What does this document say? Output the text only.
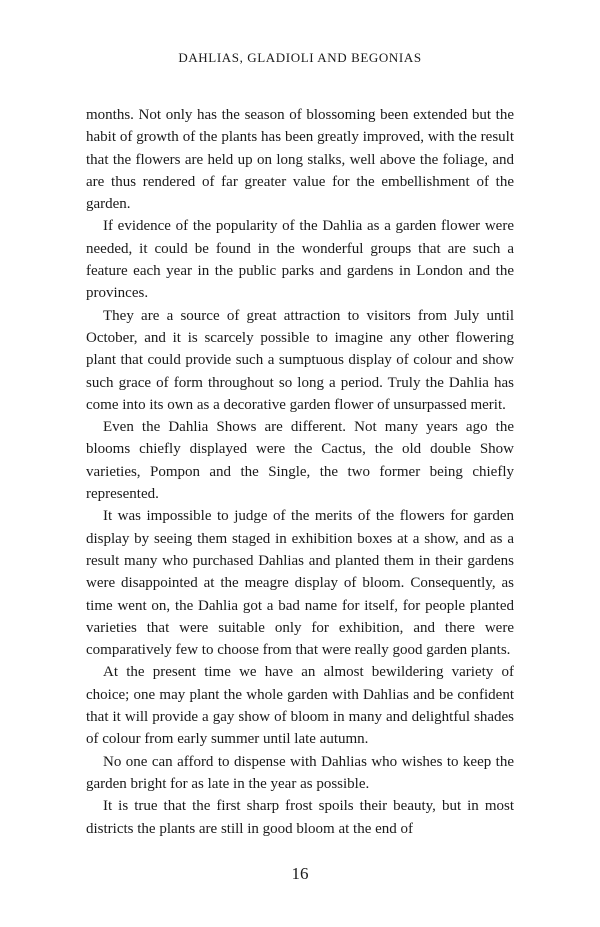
DAHLIAS, GLADIOLI AND BEGONIAS

months. Not only has the season of blossoming been extended but the habit of growth of the plants has been greatly improved, with the result that the flowers are held up on long stalks, well above the foliage, and are thus rendered of far greater value for the embellishment of the garden.

If evidence of the popularity of the Dahlia as a garden flower were needed, it could be found in the wonderful groups that are such a feature each year in the public parks and gardens in London and the provinces.

They are a source of great attraction to visitors from July until October, and it is scarcely possible to imagine any other flowering plant that could provide such a sumptuous display of colour and show such grace of form throughout so long a period. Truly the Dahlia has come into its own as a decorative garden flower of unsurpassed merit.

Even the Dahlia Shows are different. Not many years ago the blooms chiefly displayed were the Cactus, the old double Show varieties, Pompon and the Single, the two former being chiefly represented.

It was impossible to judge of the merits of the flowers for garden display by seeing them staged in exhibition boxes at a show, and as a result many who purchased Dahlias and planted them in their gardens were disappointed at the meagre display of bloom. Consequently, as time went on, the Dahlia got a bad name for itself, for people planted varieties that were suitable only for exhibition, and there were comparatively few to choose from that were really good garden plants.

At the present time we have an almost bewildering variety of choice; one may plant the whole garden with Dahlias and be confident that it will provide a gay show of bloom in many and delightful shades of colour from early summer until late autumn.

No one can afford to dispense with Dahlias who wishes to keep the garden bright for as late in the year as possible.

It is true that the first sharp frost spoils their beauty, but in most districts the plants are still in good bloom at the end of

16
